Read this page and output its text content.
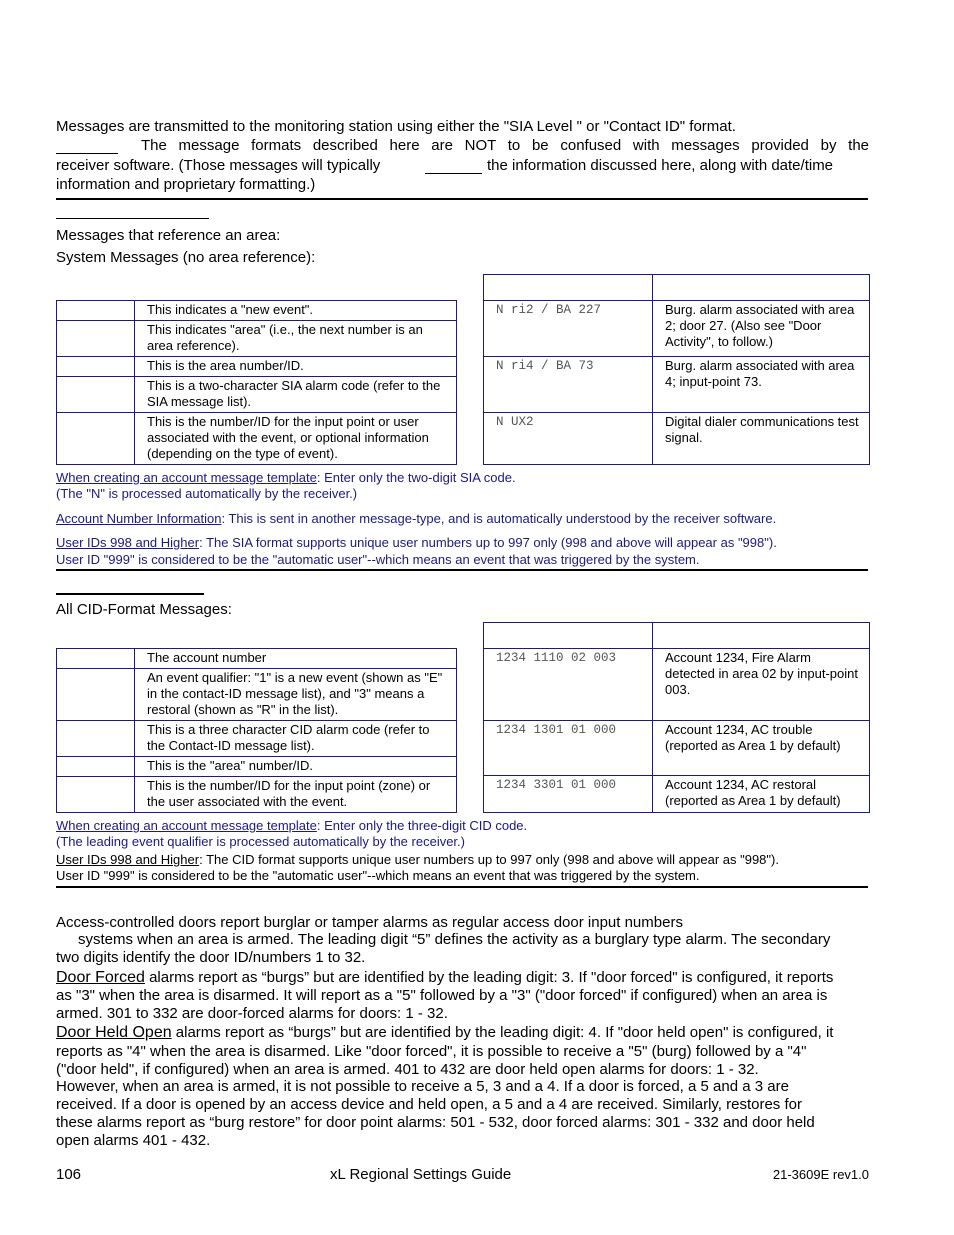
Messages are transmitted to the monitoring station using either the "SIA Level " or "Contact ID" format.
The message formats described here are NOT to be confused with messages provided by the
receiver software. (Those messages will typically	the information discussed here, along with date/time
information and proprietary formatting.)
Messages that reference an area:
System Messages (no area reference):
	This indicates a "new event".
	This indicates "area" (i.e., the next number is an area reference).
	This is the area number/ID.
	This is a two-character SIA alarm code (refer to the SIA message list).
	This is the number/ID for the input point or user associated with the event, or optional information (depending on the type of event).

N ri2 / BA 227	Burg. alarm associated with area 2; door 27. (Also see "Door Activity", to follow.)
N ri4 / BA 73	Burg. alarm associated with area 4; input-point 73.
N UX2	Digital dialer communications test signal.
When creating an account message template: Enter only the two-digit SIA code.
(The "N" is processed automatically by the receiver.)
Account Number Information: This is sent in another message-type, and is automatically understood by the receiver software.
User IDs 998 and Higher: The SIA format supports unique user numbers up to 997 only (998 and above will appear as "998").
User ID "999" is considered to be the "automatic user"--which means an event that was triggered by the system.
All CID-Format Messages:
	The account number
	An event qualifier: "1" is a new event (shown as "E" in the contact-ID message list), and "3" means a restoral (shown as "R" in the list).
	This is a three character CID alarm code (refer to the Contact-ID message list).
	This is the "area" number/ID.
	This is the number/ID for the input point (zone) or the user associated with the event.

1234 1110 02 003	Account 1234, Fire Alarm detected in area 02 by input-point 003.
1234 1301 01 000	Account 1234, AC trouble (reported as Area 1 by default)
1234 3301 01 000	Account 1234, AC restoral (reported as Area 1 by default)
When creating an account message template: Enter only the three-digit CID code.
(The leading event qualifier is processed automatically by the receiver.)
User IDs 998 and Higher: The CID format supports unique user numbers up to 997 only (998 and above will appear as "998").
User ID "999" is considered to be the "automatic user"--which means an event that was triggered by the system.
Access-controlled doors report burglar or tamper alarms as regular access door input numbers
systems when an area is armed. The leading digit “5” defines the activity as a burglary type alarm. The secondary
two digits identify the door ID/numbers 1 to 32.
Door Forced alarms report as “burgs” but are identified by the leading digit: 3. If "door forced" is configured, it reports
as "3" when the area is disarmed. It will report as a "5" followed by a "3" ("door forced" if configured) when an area is
armed. 301 to 332 are door-forced alarms for doors: 1 - 32.
Door Held Open alarms report as “burgs” but are identified by the leading digit: 4. If "door held open" is configured, it
reports as "4" when the area is disarmed. Like "door forced", it is possible to receive a "5" (burg) followed by a "4"
("door held", if configured) when an area is armed. 401 to 432 are door held open alarms for doors: 1 - 32.
However, when an area is armed, it is not possible to receive a 5, 3 and a 4. If a door is forced, a 5 and a 3 are
received. If a door is opened by an access device and held open, a 5 and a 4 are received. Similarly, restores for
these alarms report as “burg restore” for door point alarms: 501 - 532, door forced alarms: 301 - 332 and door held
open alarms 401 - 432.
106	xL Regional Settings Guide	21-3609E rev1.0
